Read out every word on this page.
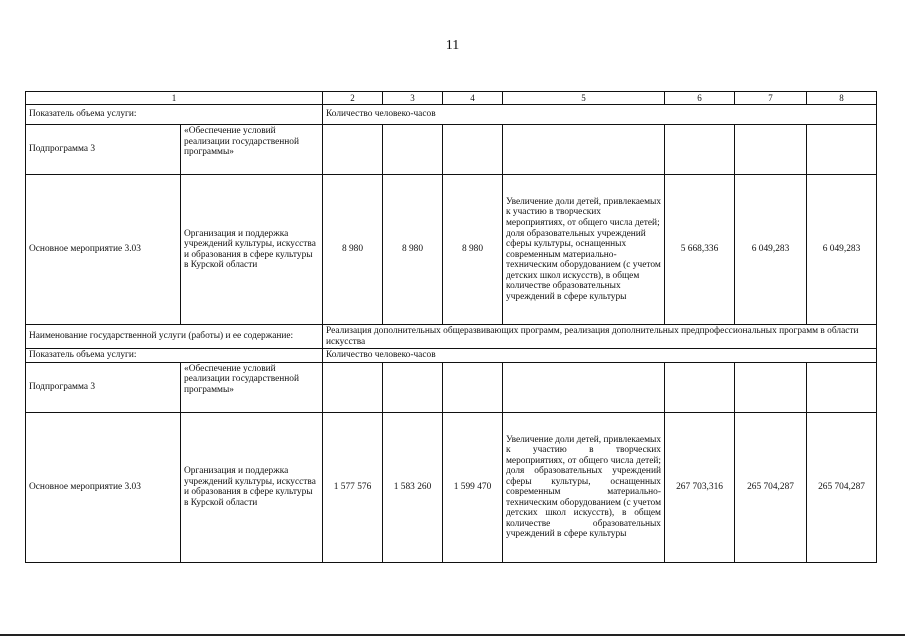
11
1		2	3	4	5	6	7	8
Показатель объема услуги:		Количество человеко-часов						
Подпрограмма 3	«Обеспечение условий реализации государственной программы»							
Основное мероприятие 3.03	Организация и поддержка учреждений культуры, искусства и образования в сфере культуры в Курской области	8 980	8 980	8 980	Увеличение доли детей, привлекаемых к участию в творческих мероприятиях, от общего числа детей; доля образовательных учреждений сферы культуры, оснащенных современным материально-техническим оборудованием (с учетом детских школ искусств), в общем количестве образовательных учреждений в сфере культуры	5 668,336	6 049,283	6 049,283
Наименование государственной услуги (работы) и ее содержание:		Реализация дополнительных общеразвивающих программ, реализация дополнительных предпрофессиональных программ в области искусства						
Показатель объема услуги:		Количество человеко-часов						
Подпрограмма 3	«Обеспечение условий реализации государственной программы»							
Основное мероприятие 3.03	Организация и поддержка учреждений культуры, искусства и образования в сфере культуры в Курской области	1 577 576	1 583 260	1 599 470	Увеличение доли детей, привлекаемых к участию в творческих мероприятиях, от общего числа детей; доля образовательных учреждений сферы культуры, оснащенных современным материально-техническим оборудованием (с учетом детских школ искусств), в общем количестве образовательных учреждений в сфере культуры	267 703,316	265 704,287	265 704,287
